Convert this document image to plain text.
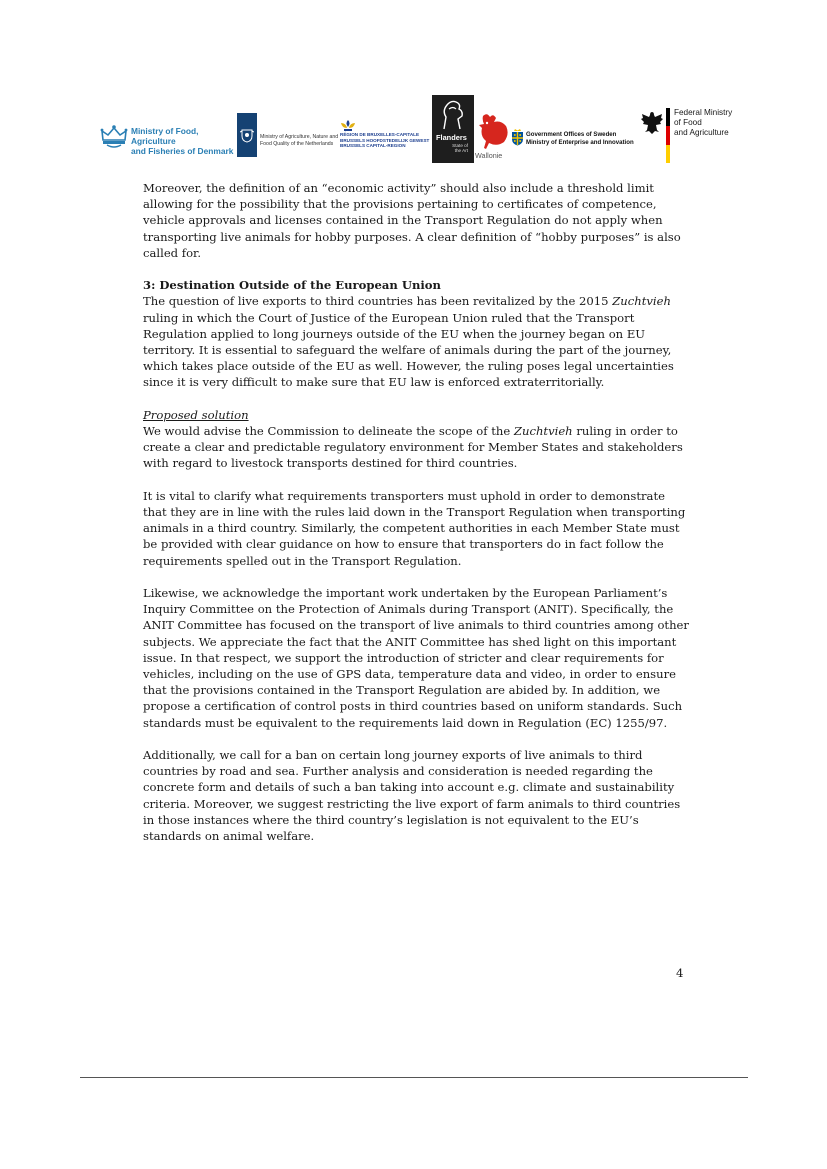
Ministry of Food, Agriculture
and Fisheries of Denmark
Ministry of Agriculture, Nature and
Food Quality of the Netherlands
RÉGION DE BRUXELLES-CAPITALE
BRUSSELS HOOFDSTEDELIJK GEWEST
BRUSSELS CAPITAL-REGION
Flanders
State of
the Art
Wallonie
Government Offices of Sweden
Ministry of Enterprise and Innovation
Federal Ministry
of Food
and Agriculture

Moreover, the definition of an “economic activity” should also include a threshold limit allowing for the possibility that the provisions pertaining to certificates of competence, vehicle approvals and licenses contained in the Transport Regulation do not apply when transporting live animals for hobby purposes. A clear definition of “hobby purposes” is also called for.

3: Destination Outside of the European Union

The question of live exports to third countries has been revitalized by the 2015 Zuchtvieh ruling in which the Court of Justice of the European Union ruled that the Transport Regulation applied to long journeys outside of the EU when the journey began on EU territory. It is essential to safeguard the welfare of animals during the part of the journey, which takes place outside of the EU as well. However, the ruling poses legal uncertainties since it is very difficult to make sure that EU law is enforced extraterritorially.

Proposed solution

We would advise the Commission to delineate the scope of the Zuchtvieh ruling in order to create a clear and predictable regulatory environment for Member States and stakeholders with regard to livestock transports destined for third countries.

It is vital to clarify what requirements transporters must uphold in order to demonstrate that they are in line with the rules laid down in the Transport Regulation when transporting animals in a third country. Similarly, the competent authorities in each Member State must be provided with clear guidance on how to ensure that transporters do in fact follow the requirements spelled out in the Transport Regulation.

Likewise, we acknowledge the important work undertaken by the European Parliament’s Inquiry Committee on the Protection of Animals during Transport (ANIT). Specifically, the ANIT Committee has focused on the transport of live animals to third countries among other subjects. We appreciate the fact that the ANIT Committee has shed light on this important issue. In that respect, we support the introduction of stricter and clear requirements for vehicles, including on the use of GPS data, temperature data and video, in order to ensure that the provisions contained in the Transport Regulation are abided by. In addition, we propose a certification of control posts in third countries based on uniform standards. Such standards must be equivalent to the requirements laid down in Regulation (EC) 1255/97.

Additionally, we call for a ban on certain long journey exports of live animals to third countries by road and sea. Further analysis and consideration is needed regarding the concrete form and details of such a ban taking into account e.g. climate and sustainability criteria. Moreover, we suggest restricting the live export of farm animals to third countries in those instances where the third country’s legislation is not equivalent to the EU’s standards on animal welfare.

4
